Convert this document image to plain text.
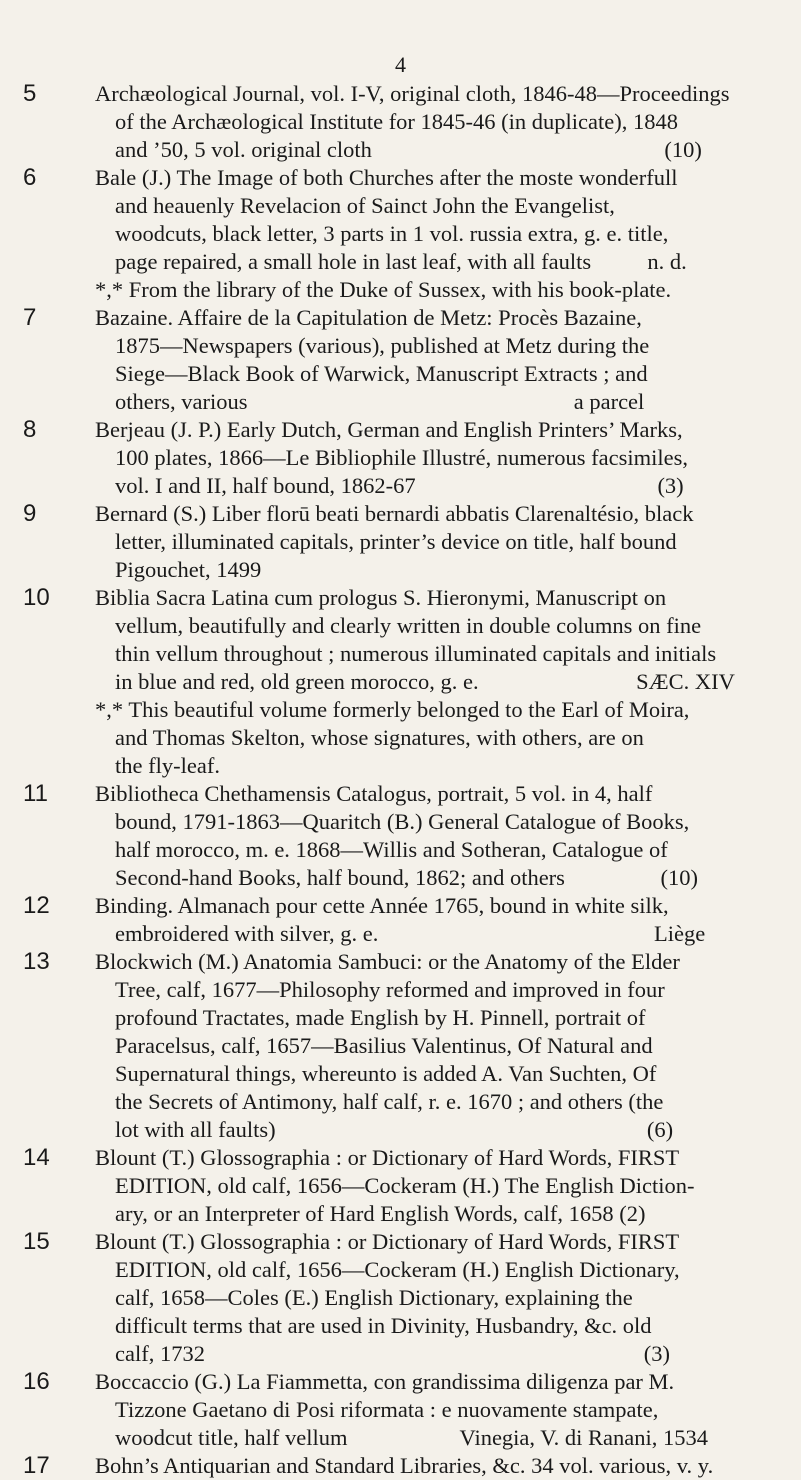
4
5	Archæological Journal, vol. I-V, original cloth, 1846-48—Proceedings
of the Archæological Institute for 1845-46 (in duplicate), 1848
and ’50, 5 vol. original cloth                                                    (10)
6	Bale (J.) The Image of both Churches after the moste wonderfull
and heauenly Revelacion of Sainct John the Evangelist,
woodcuts, black letter, 3 parts in 1 vol. russia extra, g. e. title,
page repaired, a small hole in last leaf, with all faults          n. d.
*,* From the library of the Duke of Sussex, with his book-plate.
7	Bazaine. Affaire de la Capitulation de Metz: Procès Bazaine,
1875—Newspapers (various), published at Metz during the
Siege—Black Book of Warwick, Manuscript Extracts ; and
others, various                                                          a parcel
8	Berjeau (J. P.) Early Dutch, German and English Printers’ Marks,
100 plates, 1866—Le Bibliophile Illustré, numerous facsimiles,
vol. I and II, half bound, 1862-67                                           (3)
9	Bernard (S.) Liber florū beati bernardi abbatis Clarenaltésio, black
letter, illuminated capitals, printer’s device on title, half bound
Pigouchet, 1499
10	Biblia Sacra Latina cum prologus S. Hieronymi, Manuscript on
vellum, beautifully and clearly written in double columns on fine
thin vellum throughout ; numerous illuminated capitals and initials
in blue and red, old green morocco, g. e.                            SÆC. XIV
*,* This beautiful volume formerly belonged to the Earl of Moira,
and Thomas Skelton, whose signatures, with others, are on
the fly-leaf.
11	Bibliotheca Chethamensis Catalogus, portrait, 5 vol. in 4, half
bound, 1791-1863—Quaritch (B.) General Catalogue of Books,
half morocco, m. e. 1868—Willis and Sotheran, Catalogue of
Second-hand Books, half bound, 1862; and others                 (10)
12	Binding. Almanach pour cette Année 1765, bound in white silk,
embroidered with silver, g. e.                                                 Liège
13	Blockwich (M.) Anatomia Sambuci: or the Anatomy of the Elder
Tree, calf, 1677—Philosophy reformed and improved in four
profound Tractates, made English by H. Pinnell, portrait of
Paracelsus, calf, 1657—Basilius Valentinus, Of Natural and
Supernatural things, whereunto is added A. Van Suchten, Of
the Secrets of Antimony, half calf, r. e. 1670 ; and others (the
lot with all faults)                                                                  (6)
14	Blount (T.) Glossographia : or Dictionary of Hard Words, FIRST
EDITION, old calf, 1656—Cockeram (H.) The English Diction-
ary, or an Interpreter of Hard English Words, calf, 1658 (2)
15	Blount (T.) Glossographia : or Dictionary of Hard Words, FIRST
EDITION, old calf, 1656—Cockeram (H.) English Dictionary,
calf, 1658—Coles (E.) English Dictionary, explaining the
difficult terms that are used in Divinity, Husbandry, &c. old
calf, 1732                                                                              (3)
16	Boccaccio (G.) La Fiammetta, con grandissima diligenza par M.
Tizzone Gaetano di Posi riformata : e nuovamente stampate,
woodcut title, half vellum                    Vinegia, V. di Ranani, 1534
17	Bohn’s Antiquarian and Standard Libraries, &c. 34 vol. various, v. y.
